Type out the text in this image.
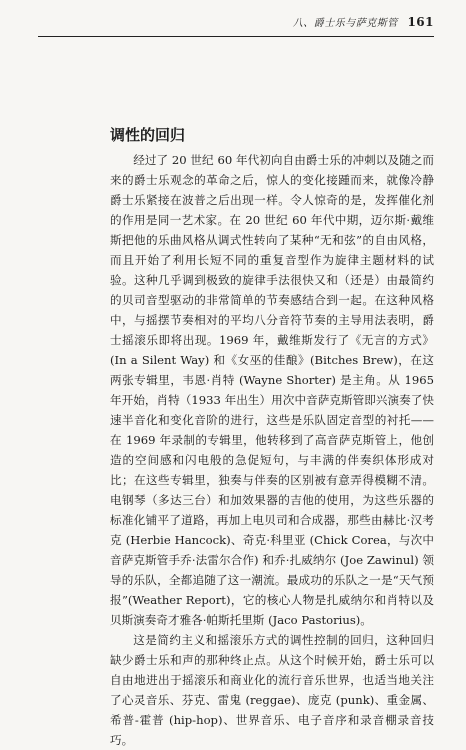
八、爵士乐与萨克斯管 161
调性的回归

经过了 20 世纪 60 年代初向自由爵士乐的冲刺以及随之而来的爵士乐观念的革命之后，惊人的变化接踵而来，就像冷静爵士乐紧接在波普之后出现一样。令人惊奇的是，发挥催化剂的作用是同一艺术家。在 20 世纪 60 年代中期，迈尔斯·戴维斯把他的乐曲风格从调式性转向了某种“无和弦”的自由风格，而且开始了利用长短不同的重复音型作为旋律主题材料的试验。这种几乎调到极致的旋律手法很快又和（还是）由最简约的贝司音型驱动的非常简单的节奏感结合到一起。在这种风格中，与摇摆节奏相对的平均八分音符节奏的主导用法表明，爵士摇滚乐即将出现。1969 年，戴维斯发行了《无言的方式》(In a Silent Way) 和《女巫的佳酿》(Bitches Brew)，在这两张专辑里，韦恩·肖特 (Wayne Shorter) 是主角。从 1965 年开始，肖特（1933 年出生）用次中音萨克斯管即兴演奏了快速半音化和变化音阶的进行，这些是乐队固定音型的衬托——在 1969 年录制的专辑里，他转移到了高音萨克斯管上，他创造的空间感和闪电般的急促短句，与丰满的伴奏织体形成对比；在这些专辑里，独奏与伴奏的区别被有意弄得模糊不清。电钢琴（多达三台）和加效果器的吉他的使用，为这些乐器的标准化铺平了道路，再加上电贝司和合成器，那些由赫比·汉考克 (Herbie Hancock)、奇克·科里亚 (Chick Corea，与次中音萨克斯管手乔·法雷尔合作) 和乔·扎威纳尔 (Joe Zawinul) 领导的乐队，全都追随了这一潮流。最成功的乐队之一是“天气预报”(Weather Report)，它的核心人物是扎威纳尔和肖特以及贝斯演奏奇才雅各·帕斯托里斯 (Jaco Pastorius)。

这是简约主义和摇滚乐方式的调性控制的回归，这种回归缺少爵士乐和声的那种终止点。从这个时候开始，爵士乐可以自由地进出于摇滚乐和商业化的流行音乐世界，也适当地关注了心灵音乐、芬克、雷鬼 (reggae)、庞克 (punk)、重金属、希普-霍普 (hip-hop)、世界音乐、电子音序和录音棚录音技巧。
